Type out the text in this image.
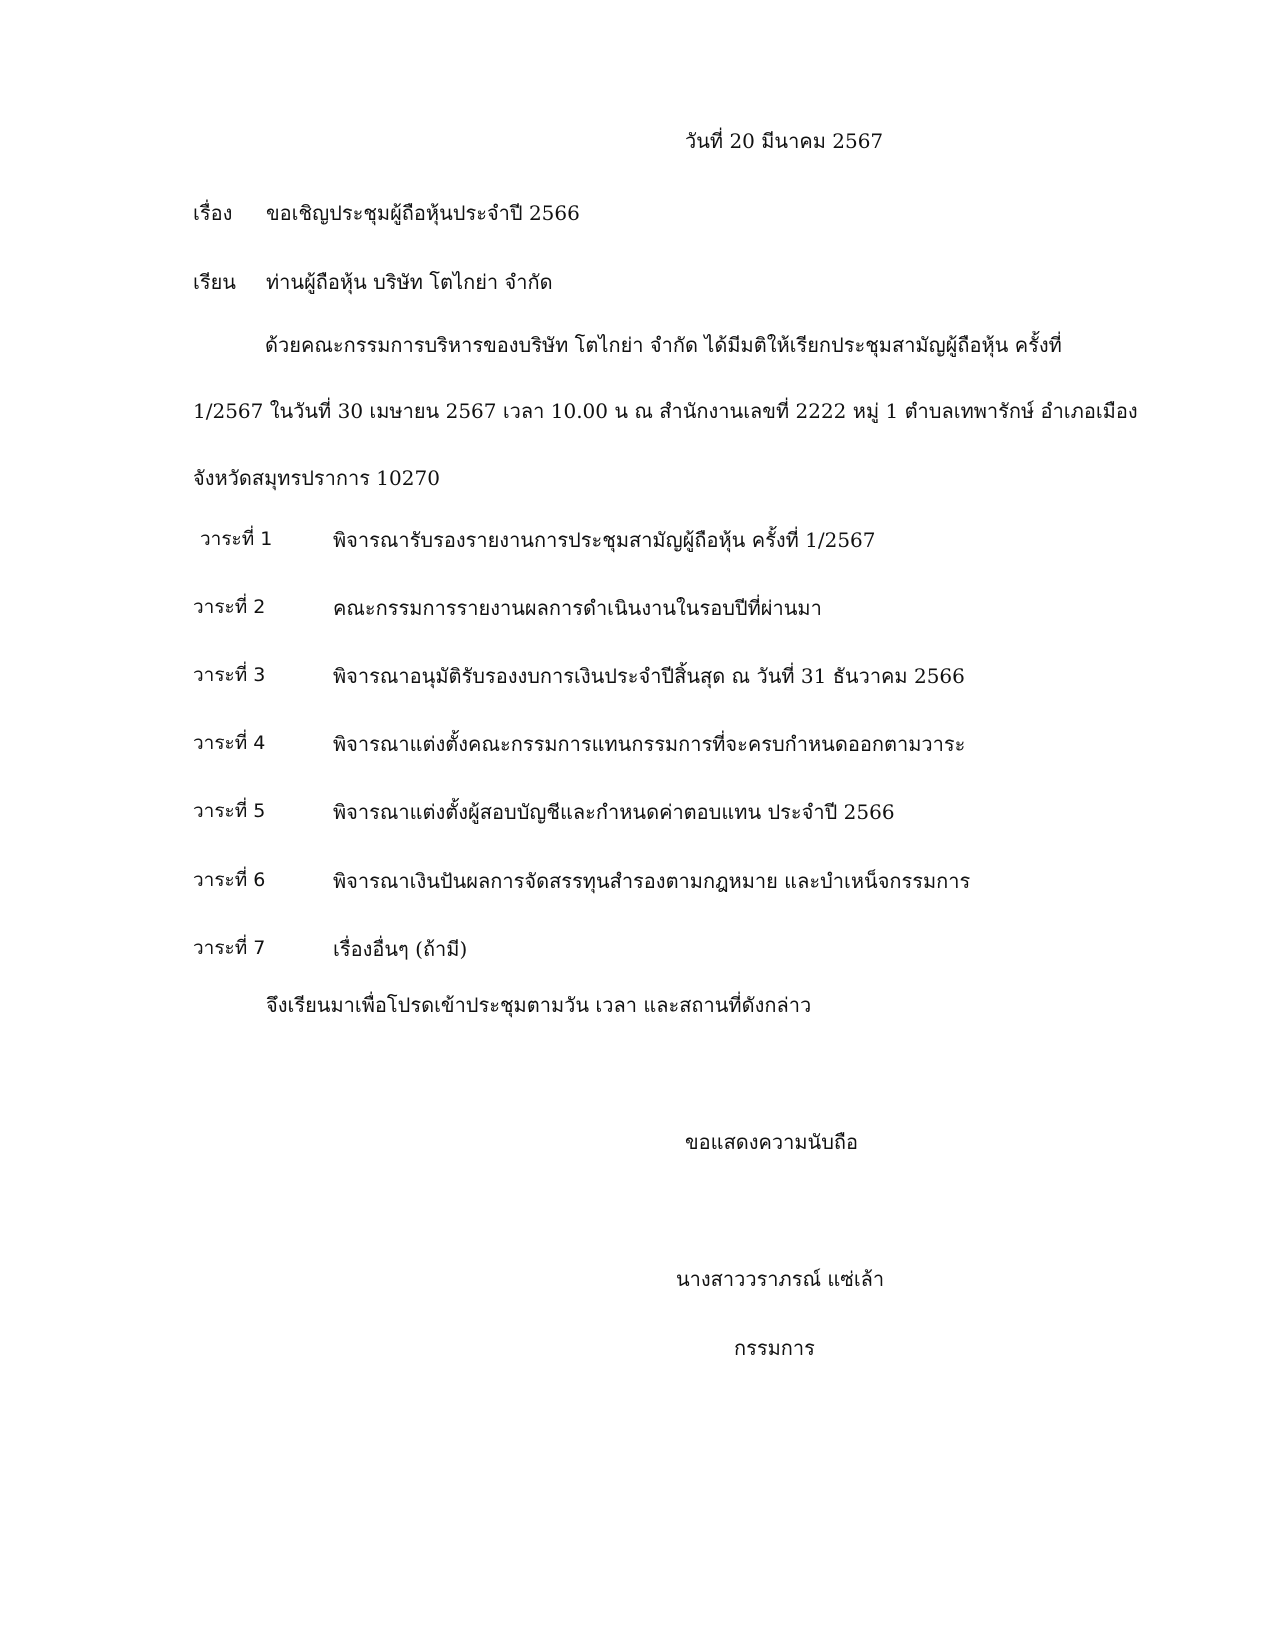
วันที่ 20 มีนาคม 2567
เรื่อง ขอเชิญประชุมผู้ถือหุ้นประจำปี 2566
เรียน ท่านผู้ถือหุ้น บริษัท โตไกย่า จำกัด
ด้วยคณะกรรมการบริหารของบริษัท โตไกย่า จำกัด ได้มีมติให้เรียกประชุมสามัญผู้ถือหุ้น ครั้งที่
1/2567 ในวันที่ 30 เมษายน 2567 เวลา 10.00 น ณ สำนักงานเลขที่ 2222 หมู่ 1 ตำบลเทพารักษ์ อำเภอเมือง
จังหวัดสมุทรปราการ 10270
วาระที่ 1	พิจารณารับรองรายงานการประชุมสามัญผู้ถือหุ้น ครั้งที่ 1/2567
วาระที่ 2	คณะกรรมการรายงานผลการดำเนินงานในรอบปีที่ผ่านมา
วาระที่ 3	พิจารณาอนุมัติรับรองงบการเงินประจำปีสิ้นสุด ณ วันที่ 31 ธันวาคม 2566
วาระที่ 4	พิจารณาแต่งตั้งคณะกรรมการแทนกรรมการที่จะครบกำหนดออกตามวาระ
วาระที่ 5	พิจารณาแต่งตั้งผู้สอบบัญชีและกำหนดค่าตอบแทน ประจำปี 2566
วาระที่ 6	พิจารณาเงินปันผลการจัดสรรทุนสำรองตามกฎหมาย และบำเหน็จกรรมการ
วาระที่ 7	เรื่องอื่นๆ (ถ้ามี)
จึงเรียนมาเพื่อโปรดเข้าประชุมตามวัน เวลา และสถานที่ดังกล่าว
ขอแสดงความนับถือ
นางสาววราภรณ์ แซ่เล้า
กรรมการ
